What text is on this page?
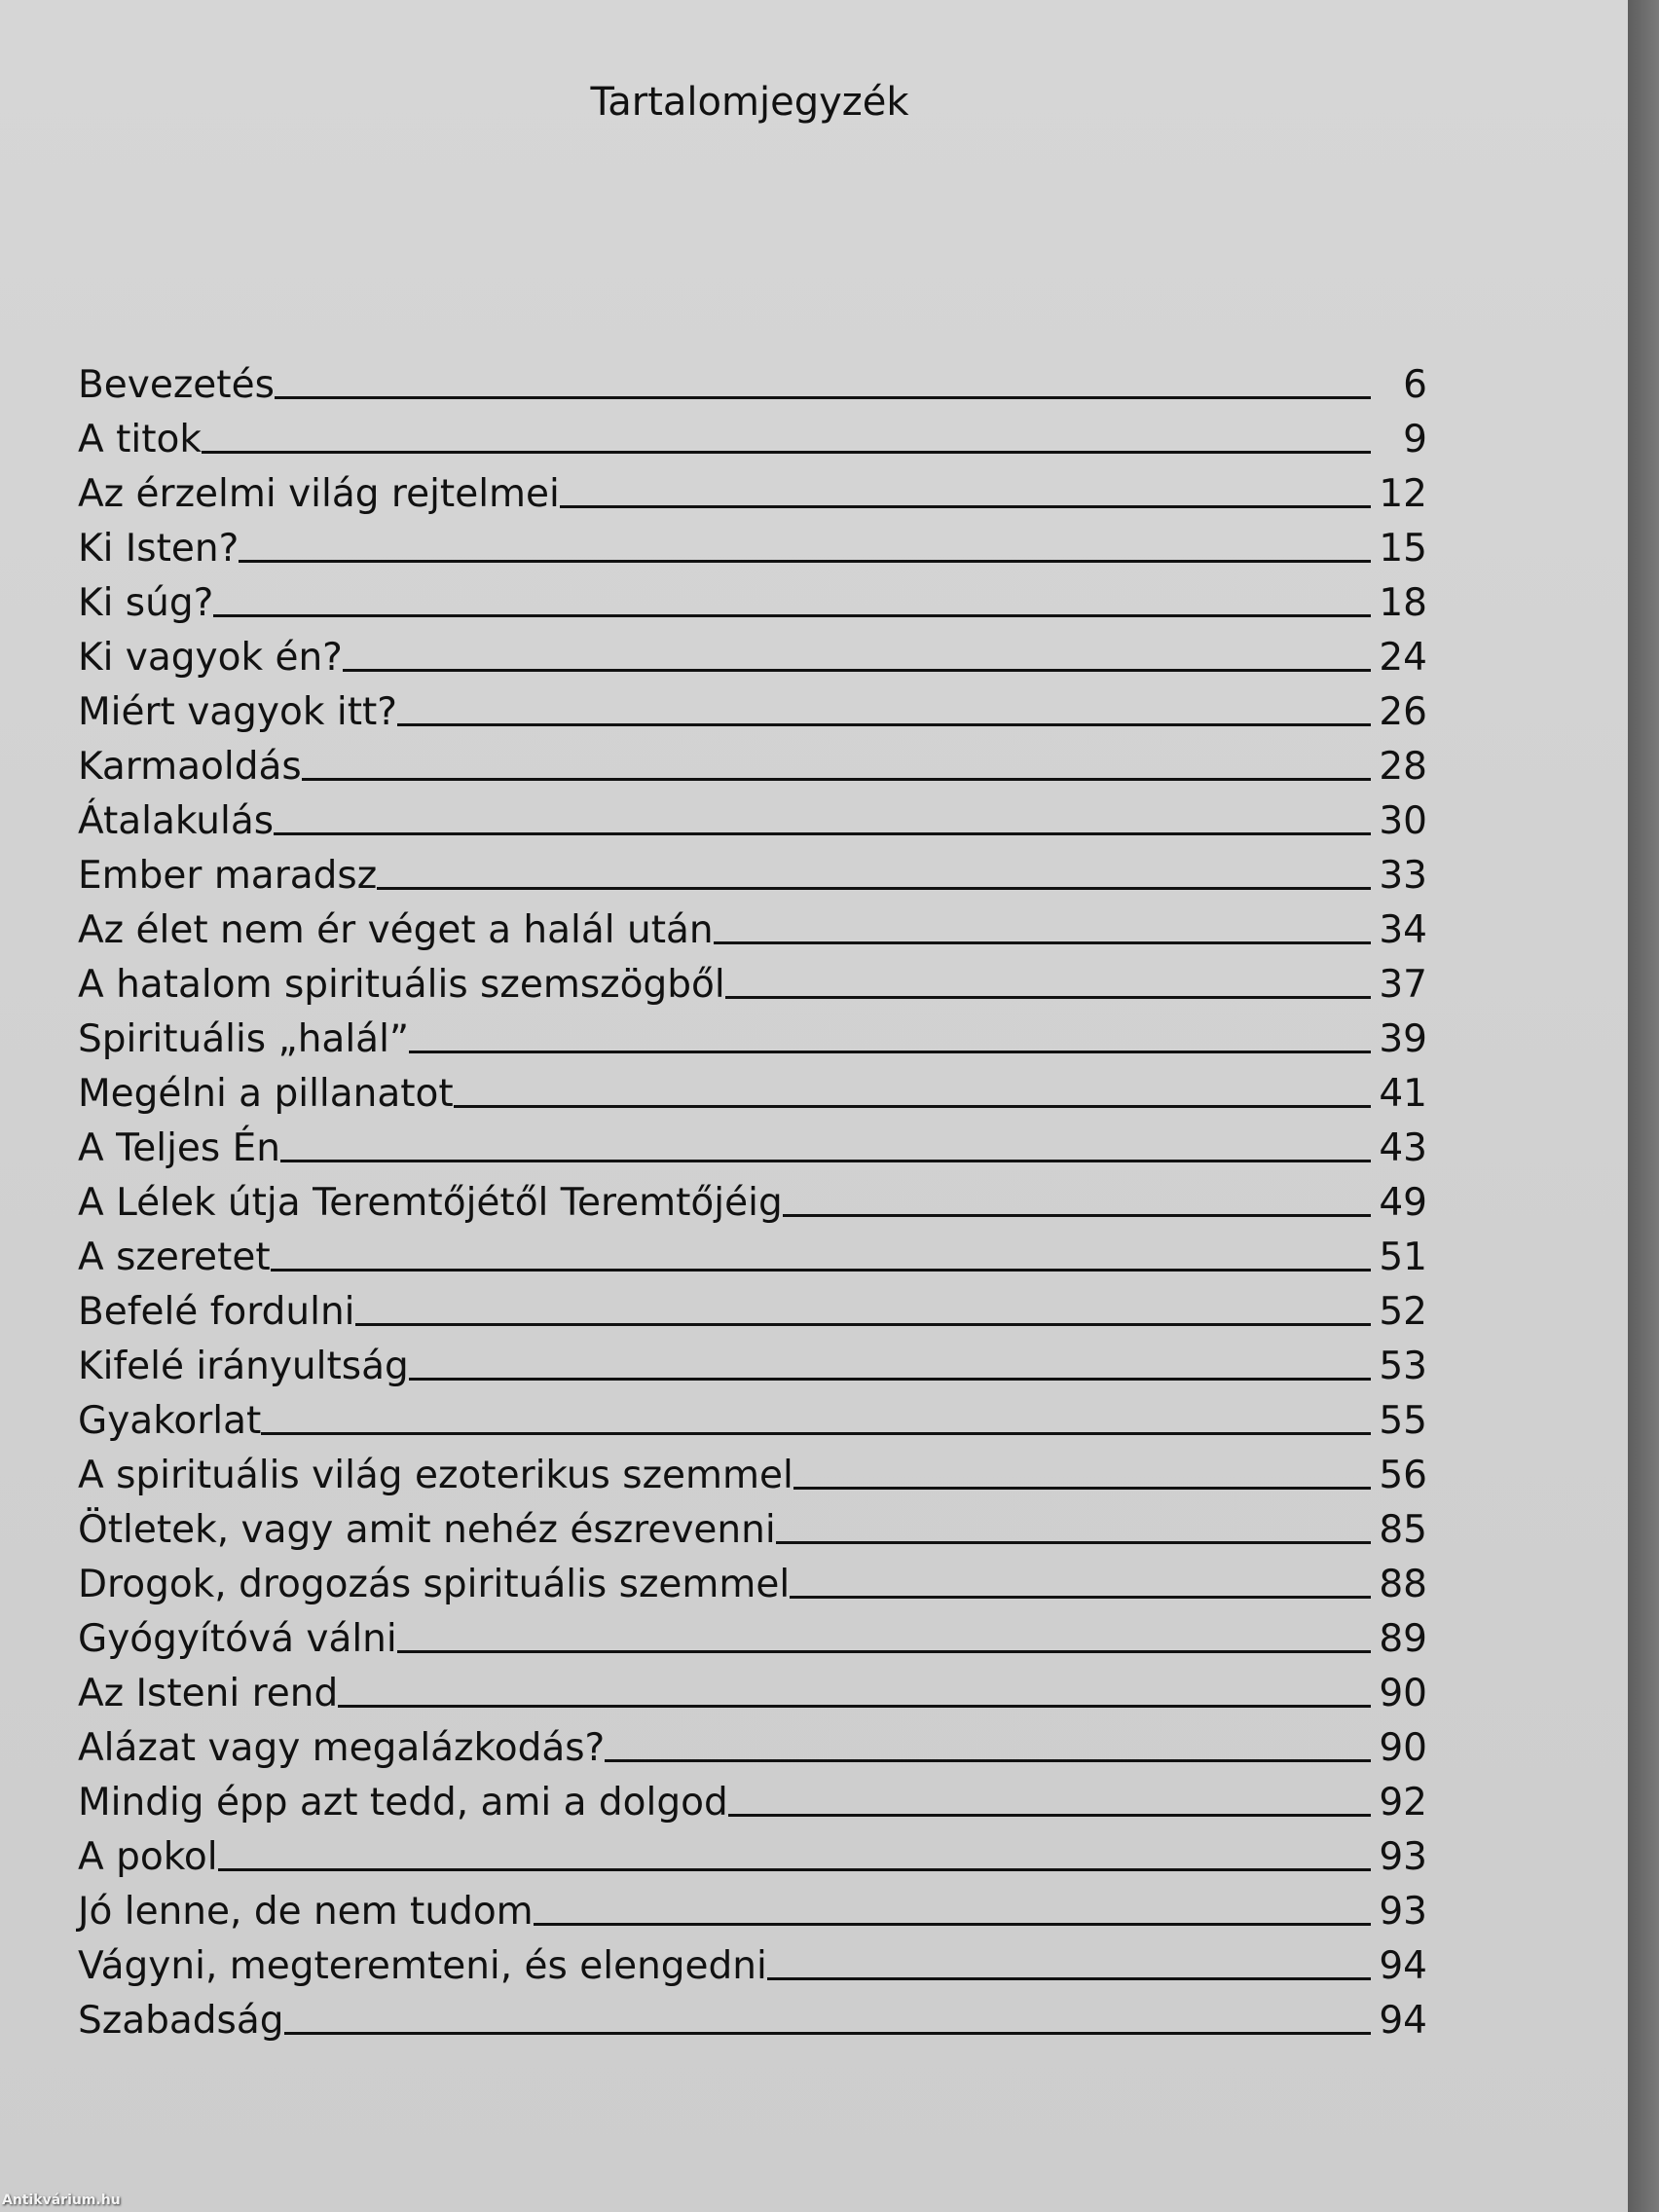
Tartalomjegyzék
Bevezetés	6
A titok	9
Az érzelmi világ rejtelmei	12
Ki Isten?	15
Ki súg?	18
Ki vagyok én?	24
Miért vagyok itt?	26
Karmaoldás	28
Átalakulás	30
Ember maradsz	33
Az élet nem ér véget a halál után	34
A hatalom spirituális szemszögből	37
Spirituális „halál”	39
Megélni a pillanatot	41
A Teljes Én	43
A Lélek útja Teremtőjétől Teremtőjéig	49
A szeretet	51
Befelé fordulni	52
Kifelé irányultság	53
Gyakorlat	55
A spirituális világ ezoterikus szemmel	56
Ötletek, vagy amit nehéz észrevenni	85
Drogok, drogozás spirituális szemmel	88
Gyógyítóvá válni	89
Az Isteni rend	90
Alázat vagy megalázkodás?	90
Mindig épp azt tedd, ami a dolgod	92
A pokol	93
Jó lenne, de nem tudom	93
Vágyni, megteremteni, és elengedni	94
Szabadság	94
Antikvárium.hu
